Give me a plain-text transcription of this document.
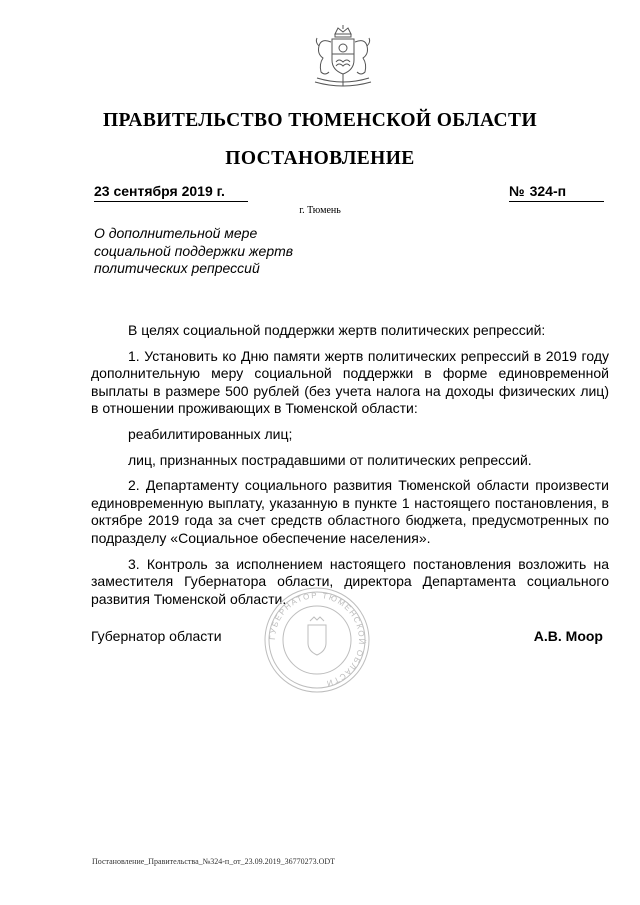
ПРАВИТЕЛЬСТВО ТЮМЕНСКОЙ ОБЛАСТИ
ПОСТАНОВЛЕНИЕ
23 сентября 2019 г.	№ 324-п
г. Тюмень
О дополнительной мере социальной поддержки жертв политических репрессий

В целях социальной поддержки жертв политических репрессий:

1. Установить ко Дню памяти жертв политических репрессий в 2019 году дополнительную меру социальной поддержки в форме единовременной выплаты в размере 500 рублей (без учета налога на доходы физических лиц) в отношении проживающих в Тюменской области:

реабилитированных лиц;

лиц, признанных пострадавшими от политических репрессий.

2. Департаменту социального развития Тюменской области произвести единовременную выплату, указанную в пункте 1 настоящего постановления, в октябре 2019 года за счет средств областного бюджета, предусмотренных по подразделу «Социальное обеспечение населения».

3. Контроль за исполнением настоящего постановления возложить на заместителя Губернатора области, директора Департамента социального развития Тюменской области.

Губернатор области	ГУБЕРНАТОР ТЮМЕНСКОЙ ОБЛАСТИ
А.В. Моор
Постановление_Правительства_№324-п_от_23.09.2019_36770273.ODT
